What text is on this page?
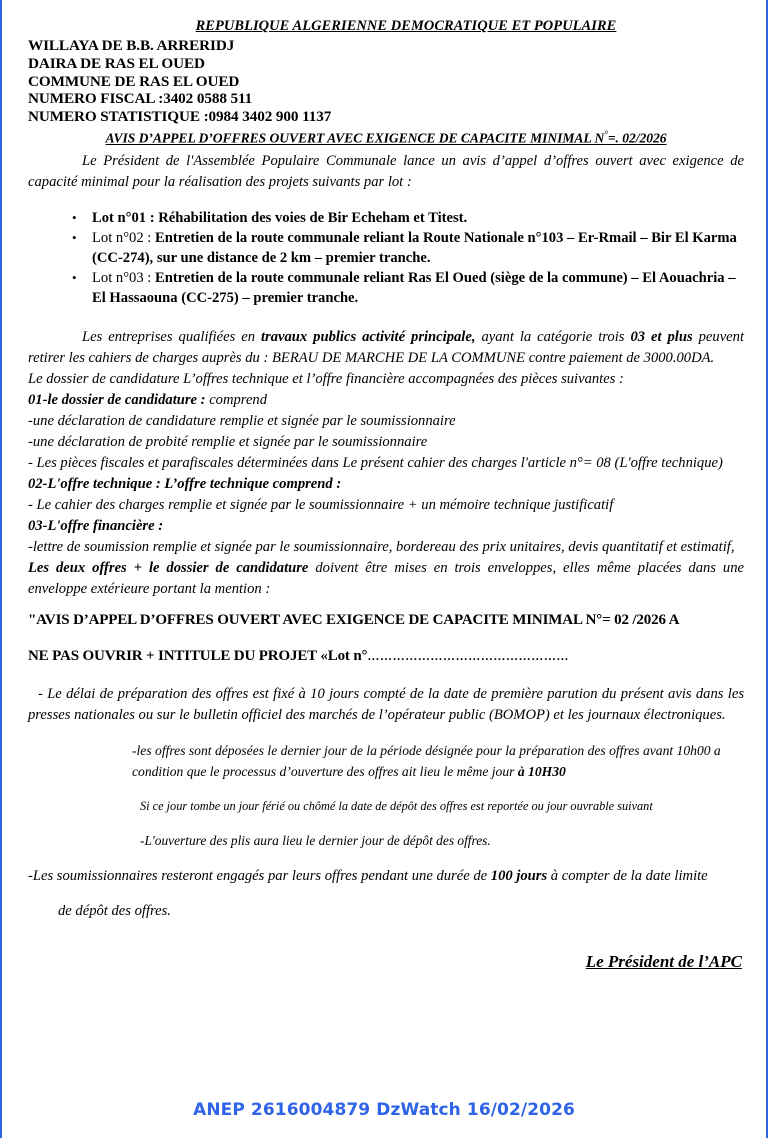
REPUBLIQUE ALGERIENNE DEMOCRATIQUE ET POPULAIRE
WILLAYA DE B.B. ARRERIDJ
DAIRA DE RAS EL OUED
COMMUNE DE RAS EL OUED
NUMERO FISCAL :3402 0588 511
NUMERO STATISTIQUE :0984 3402 900 1137
AVIS D’APPEL D’OFFRES OUVERT AVEC EXIGENCE DE CAPACITE MINIMAL N°=. 02/2026

Le Président de l'Assemblée Populaire Communale lance un avis d’appel d’offres ouvert avec exigence de capacité minimal pour la réalisation des projets suivants par lot :

• Lot n°01 : Réhabilitation des voies de Bir Echeham et Titest.
• Lot n°02 : Entretien de la route communale reliant la Route Nationale n°103 – Er-Rmail – Bir El Karma (CC-274), sur une distance de 2 km – premier tranche.
• Lot n°03 : Entretien de la route communale reliant Ras El Oued (siège de la commune) – El Aouachria – El Hassaouna (CC-275) – premier tranche.

Les entreprises qualifiées en travaux publics activité principale, ayant la catégorie trois 03 et plus peuvent retirer les cahiers de charges auprès du : BERAU DE MARCHE DE LA COMMUNE contre paiement de 3000.00DA.

Le dossier de candidature L’offres technique et l’offre financière accompagnées des pièces suivantes :

01-le dossier de candidature : comprend

-une déclaration de candidature remplie et signée par le soumissionnaire

-une déclaration de probité remplie et signée par le soumissionnaire

- Les pièces fiscales et parafiscales déterminées dans Le présent cahier des charges l'article n°= 08 (L'offre technique)

02-L'offre technique : L’offre technique comprend :

- Le cahier des charges remplie et signée par le soumissionnaire + un mémoire technique justificatif

03-L'offre financière :

-lettre de soumission remplie et signée par le soumissionnaire, bordereau des prix unitaires, devis quantitatif et estimatif,

Les deux offres + le dossier de candidature doivent être mises en trois enveloppes, elles même placées dans une enveloppe extérieure portant la mention :

"AVIS D’APPEL D’OFFRES OUVERT AVEC EXIGENCE DE CAPACITE MINIMAL N°= 02 /2026 A
NE PAS OUVRIR + INTITULE DU PROJET «Lot n°…………………………………………

- Le délai de préparation des offres est fixé à 10 jours compté de la date de première parution du présent avis dans les presses nationales ou sur le bulletin officiel des marchés de l’opérateur public (BOMOP) et les journaux électroniques.

-les offres sont déposées le dernier jour de la période désignée pour la préparation des offres avant 10h00 a condition que le processus d’ouverture des offres ait lieu le même jour à 10H30

Si ce jour tombe un jour férié ou chômé la date de dépôt des offres est reportée ou jour ouvrable suivant

-L'ouverture des plis aura lieu le dernier jour de dépôt des offres.

-Les soumissionnaires resteront engagés par leurs offres pendant une durée de 100 jours à compter de la date limite

de dépôt des offres.

Le Président de l’APC
ANEP 2616004879 DzWatch 16/02/2026
